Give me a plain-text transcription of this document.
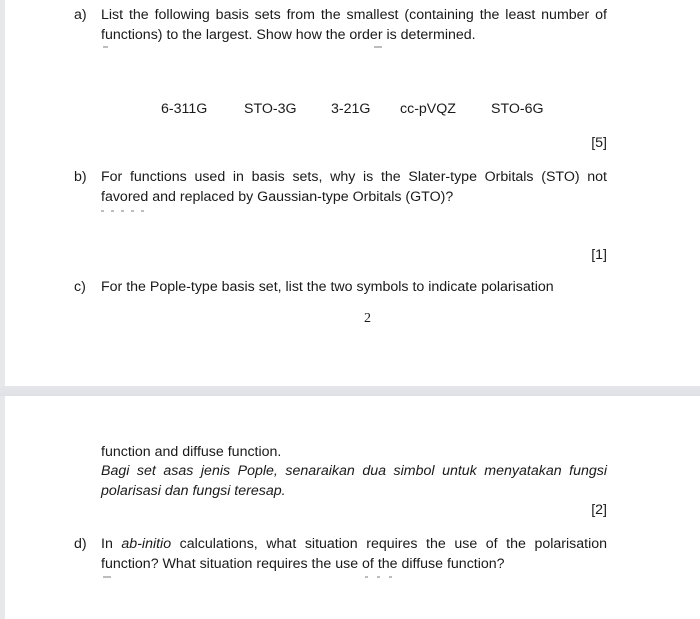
a) List the following basis sets from the smallest (containing the least number of functions) to the largest. Show how the order is determined.
6-311G	STO-3G 3-21G cc-pVQZ STO-6G
[5]
b) For functions used in basis sets, why is the Slater-type Orbitals (STO) not favored and replaced by Gaussian-type Orbitals (GTO)?
[1]
c) For the Pople-type basis set, list the two symbols to indicate polarisation
2
function and diffuse function.
Bagi set asas jenis Pople, senaraikan dua simbol untuk menyatakan fungsi polarisasi dan fungsi teresap.
[2]
d) In ab-initio calculations, what situation requires the use of the polarisation function? What situation requires the use of the diffuse function?
